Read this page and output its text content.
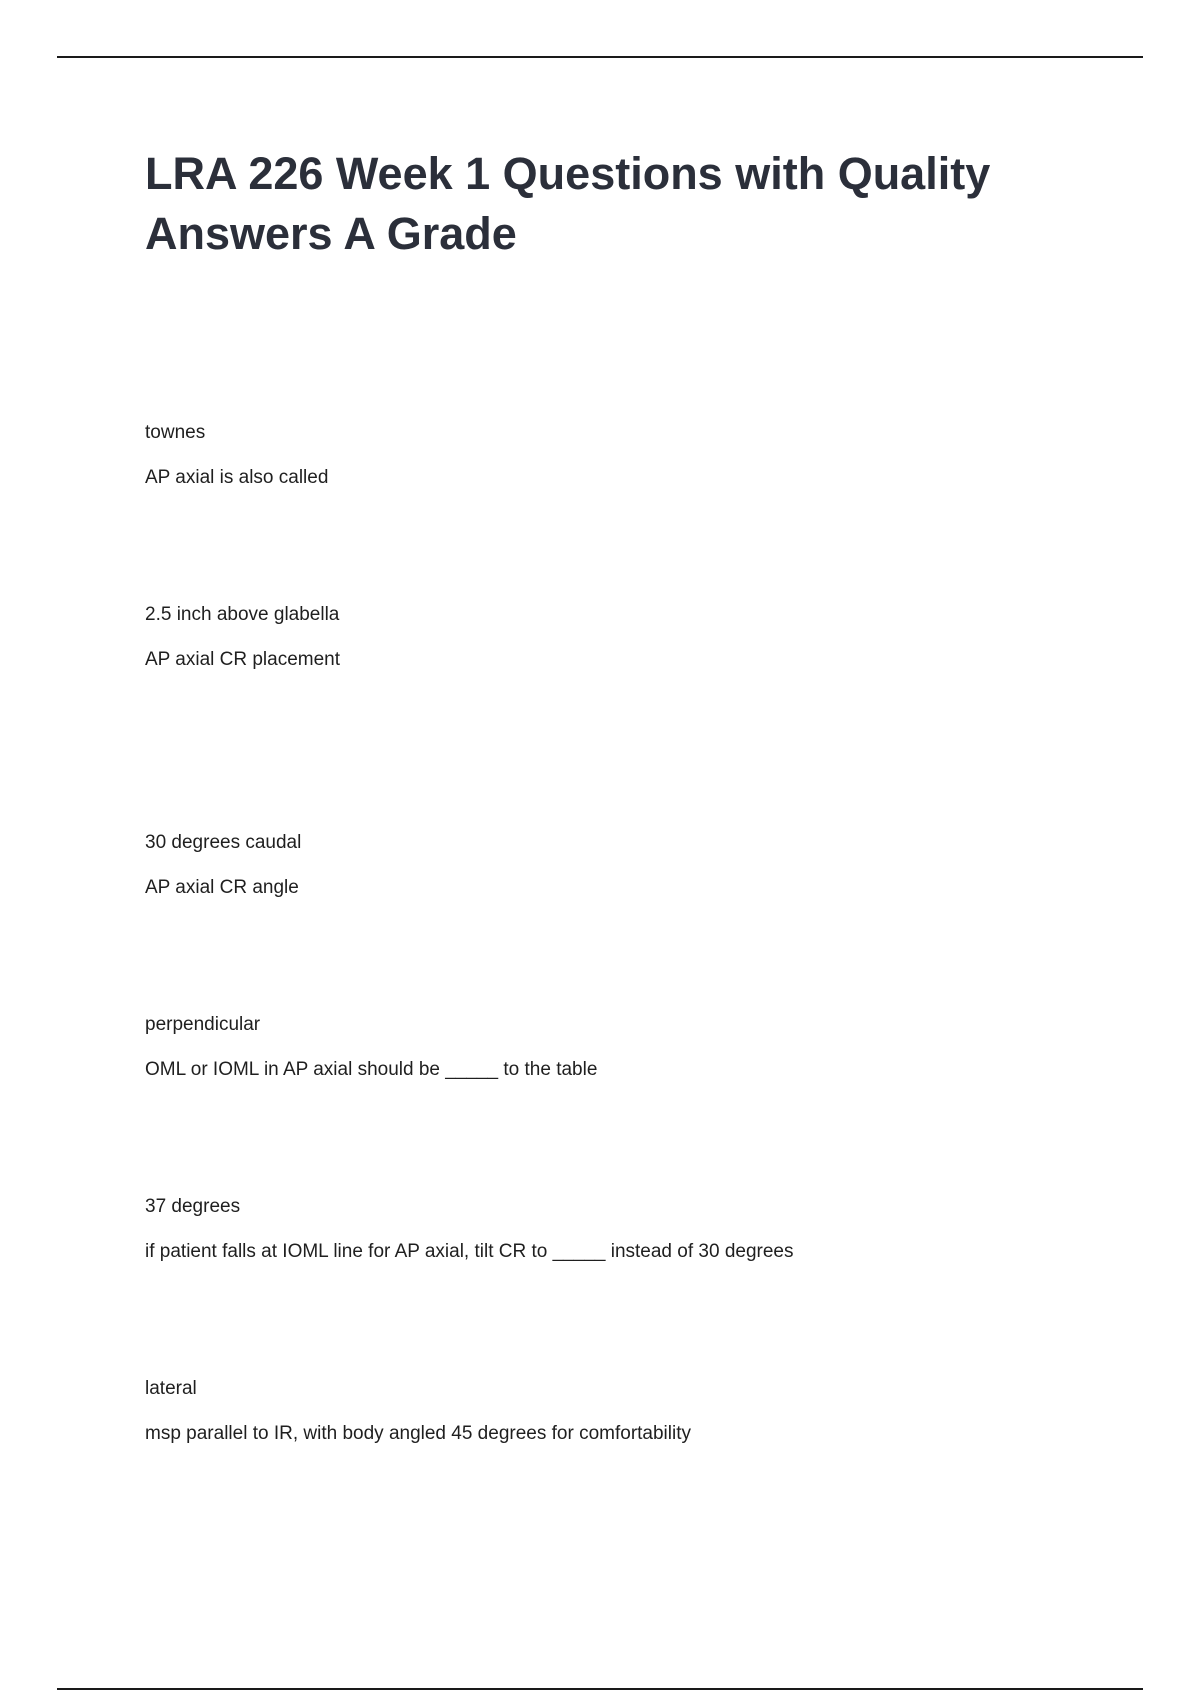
LRA 226 Week 1 Questions with Quality Answers A Grade

townes

AP axial is also called

2.5 inch above glabella

AP axial CR placement

30 degrees caudal

AP axial CR angle

perpendicular

OML or IOML in AP axial should be _____ to the table

37 degrees

if patient falls at IOML line for AP axial, tilt CR to _____ instead of 30 degrees

lateral

msp parallel to IR, with body angled 45 degrees for comfortability
